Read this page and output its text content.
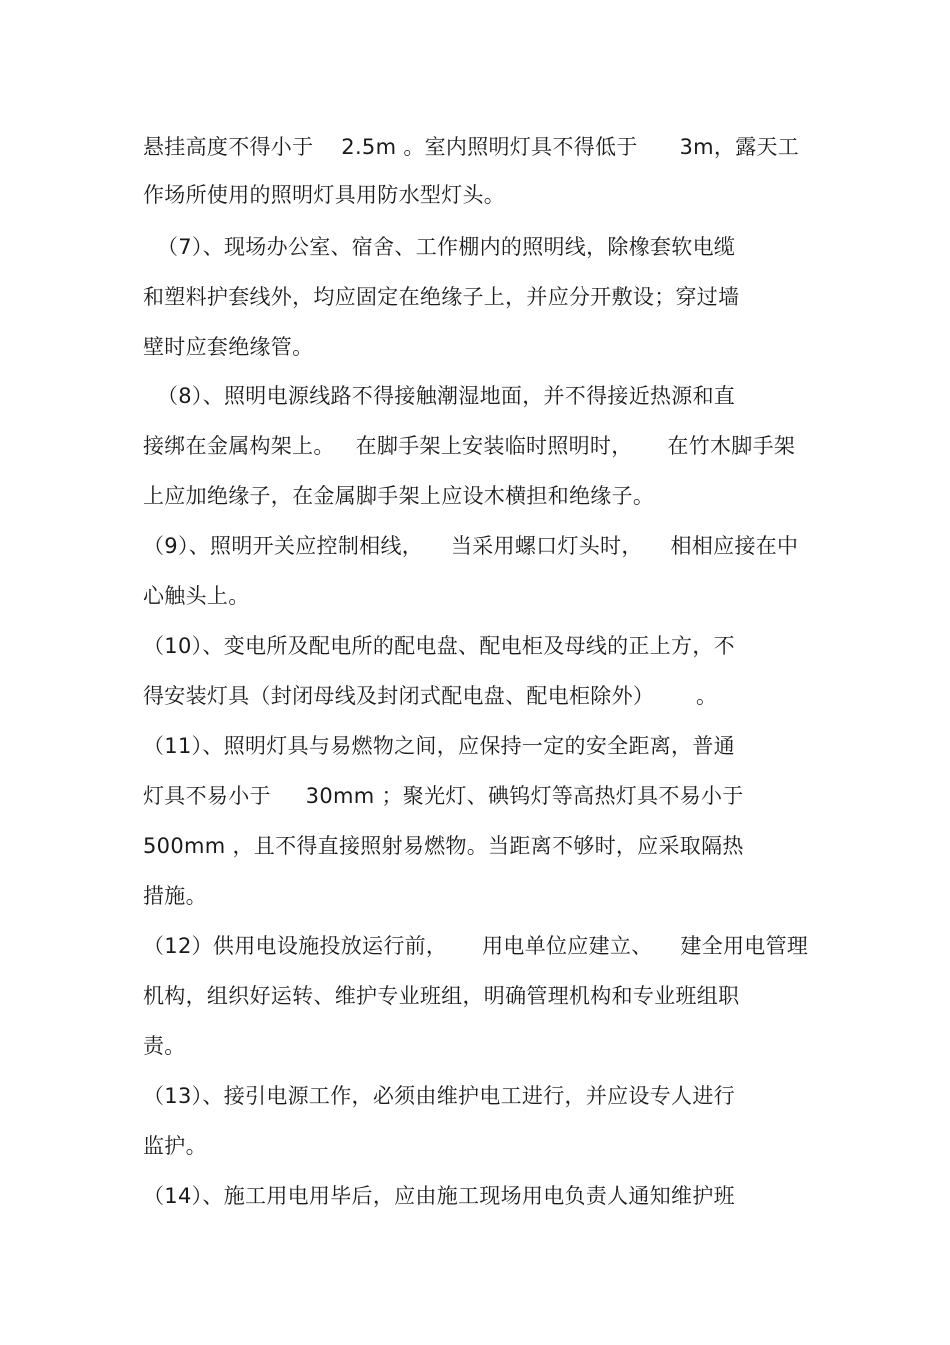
悬挂高度不得小于    2.5m 。室内照明灯具不得低于      3m，露天工
作场所使用的照明灯具用防水型灯头。
（7）、现场办公室、宿舍、工作棚内的照明线，除橡套软电缆
和塑料护套线外，均应固定在绝缘子上，并应分开敷设；穿过墙
壁时应套绝缘管。
（8）、照明电源线路不得接触潮湿地面，并不得接近热源和直
接绑在金属构架上。   在脚手架上安装临时照明时，     在竹木脚手架
上应加绝缘子，在金属脚手架上应设木横担和绝缘子。
（9）、照明开关应控制相线，    当采用螺口灯头时，    相相应接在中
心触头上。
（10）、变电所及配电所的配电盘、配电柜及母线的正上方，不
得安装灯具（封闭母线及封闭式配电盘、配电柜除外）      。
（11）、照明灯具与易燃物之间，应保持一定的安全距离，普通
灯具不易小于     30mm ；聚光灯、碘钨灯等高热灯具不易小于
500mm ，且不得直接照射易燃物。当距离不够时，应采取隔热
措施。
（12）供用电设施投放运行前，     用电单位应建立、    建全用电管理
机构，组织好运转、维护专业班组，明确管理机构和专业班组职
责。
（13）、接引电源工作，必须由维护电工进行，并应设专人进行
监护。
（14）、施工用电用毕后，应由施工现场用电负责人通知维护班
